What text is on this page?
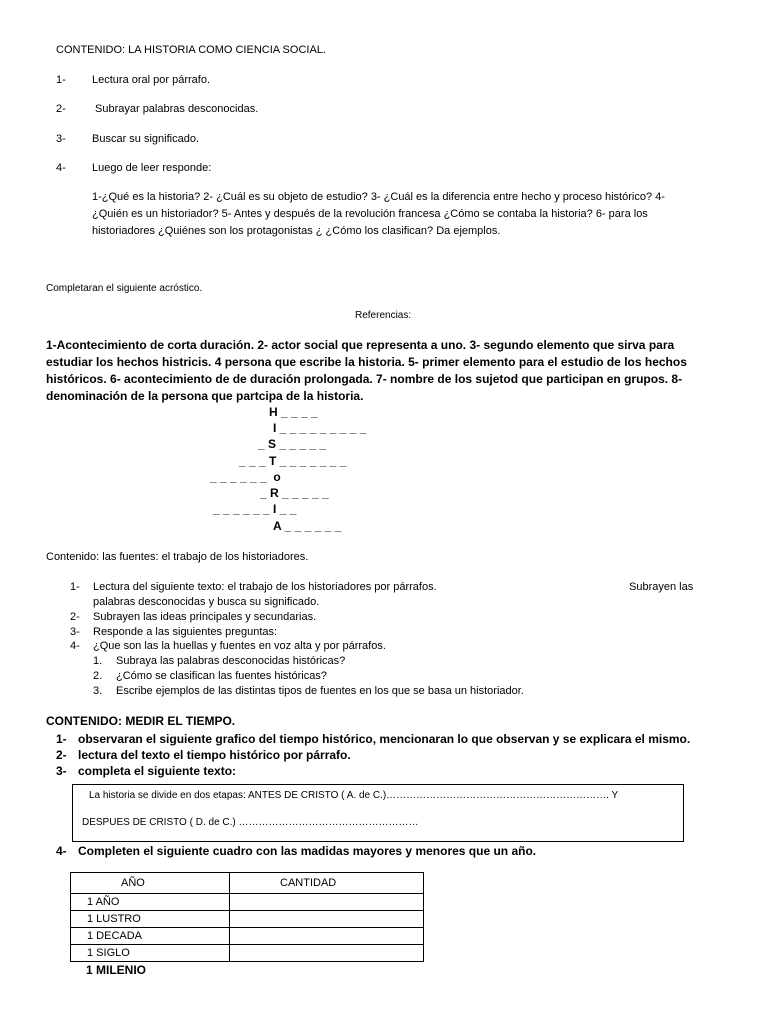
CONTENIDO: LA HISTORIA COMO CIENCIA SOCIAL.
1- Lectura oral por párrafo.
2-	Subrayar palabras desconocidas.
3- Buscar su significado.
4- Luego de leer responde:
1-¿Qué es la historia? 2- ¿Cuál es su objeto de estudio? 3- ¿Cuál es la diferencia entre hecho y proceso histórico? 4-
¿Quién es un historiador? 5- Antes y después de la revolución francesa ¿Cómo se contaba la historia? 6- para los
historiadores ¿Quiénes son los protagonistas ¿ ¿Cómo los clasifican? Da ejemplos.
Completaran el siguiente acróstico.
Referencias:
1-Acontecimiento de corta duración. 2- actor social que representa a uno. 3- segundo elemento que sirva para
estudiar los hechos histricis. 4 persona que escribe la historia. 5- primer elemento para el estudio de los hechos
históricos. 6- acontecimiento de de duración prolongada. 7- nombre de los sujetod que participan en grupos. 8-
denominación de la persona que partcipa de la historia.
H _ _ _ _
I _ _ _ _ _ _ _ _ _
_ S _ _ _ _ _
_ _ _ T _ _ _ _ _ _ _
_ _ _ _ _ _  o
_ R _ _ _ _ _
_ _ _ _ _ _ I _ _
A _ _ _ _ _ _
Contenido: las fuentes: el trabajo de los historiadores.
1- Lectura del siguiente texto: el trabajo de los historiadores por párrafos.	Subrayen las
palabras desconocidas y busca su significado.
2- Subrayen las ideas principales y secundarias.
3- Responde a las siguientes preguntas:
4- ¿Que son las la huellas y fuentes en voz alta y por párrafos.
1. Subraya las palabras desconocidas históricas?
2. ¿Cómo se clasifican las fuentes históricas?
3. Escribe ejemplos de las distintas tipos de fuentes en los que se basa un historiador.
CONTENIDO: MEDIR EL TIEMPO.
1- observaran el siguiente grafico del tiempo histórico, mencionaran lo que observan y se explicara el mismo.
2- lectura del texto el tiempo histórico por párrafo.
3- completa el siguiente texto:
La historia se divide en dos etapas: ANTES DE CRISTO ( A. de C.)…………………………………………………………. Y
DESPUES DE CRISTO ( D. de C.) ………………………………………………
4- Completen el siguiente cuadro con las madidas mayores y menores que un año.
AÑO	CANTIDAD
1 AÑO	
1 LUSTRO	
1 DECADA	
1 SIGLO	
1 MILENIO
